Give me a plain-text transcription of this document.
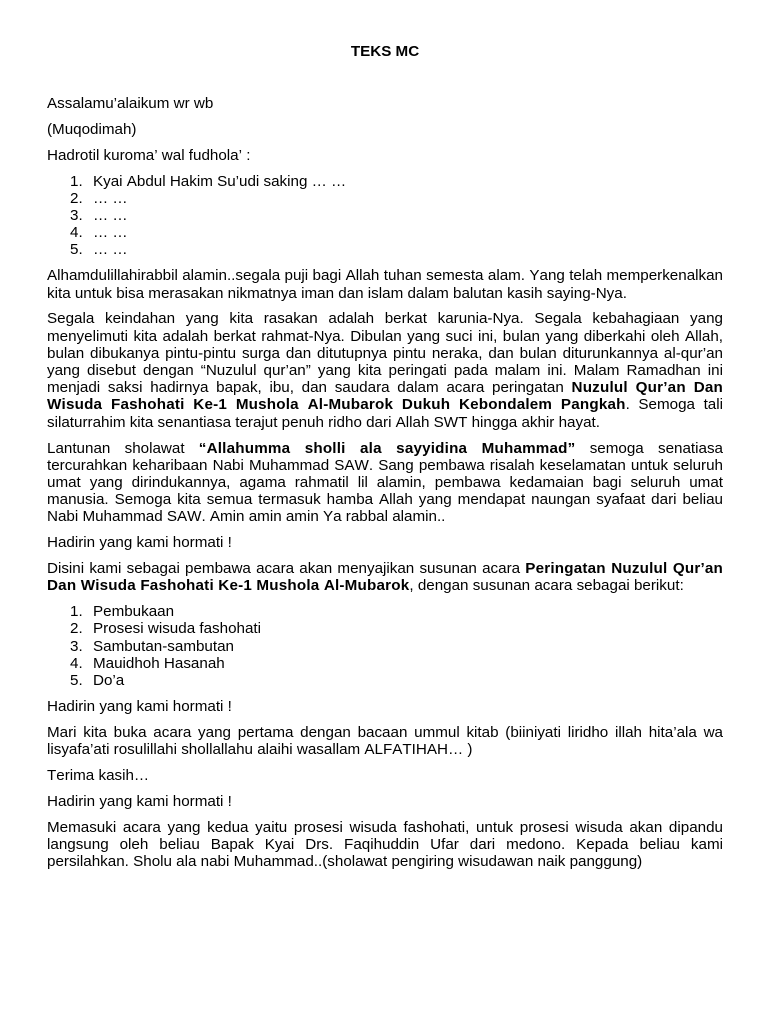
TEKS MC
Assalamu’alaikum wr wb
(Muqodimah)
Hadrotil kuroma’ wal fudhola’ :
1. Kyai Abdul Hakim Su’udi saking … …
2. … …
3. … …
4. … …
5. … …
Alhamdulillahirabbil alamin..segala puji bagi Allah tuhan semesta alam. Yang telah memperkenalkan kita untuk bisa merasakan nikmatnya iman dan islam dalam balutan kasih saying-Nya.
Segala keindahan yang kita rasakan adalah berkat karunia-Nya. Segala kebahagiaan yang menyelimuti kita adalah berkat rahmat-Nya. Dibulan yang suci ini, bulan yang diberkahi oleh Allah, bulan dibukanya pintu-pintu surga dan ditutupnya pintu neraka, dan bulan diturunkannya al-qur’an yang disebut dengan “Nuzulul qur’an” yang kita peringati pada malam ini. Malam Ramadhan ini menjadi saksi hadirnya bapak, ibu, dan saudara dalam acara peringatan Nuzulul Qur’an Dan Wisuda Fashohati Ke-1 Mushola Al-Mubarok Dukuh Kebondalem Pangkah. Semoga tali silaturrahim kita senantiasa terajut penuh ridho dari Allah SWT hingga akhir hayat.
Lantunan sholawat “Allahumma sholli ala sayyidina Muhammad” semoga senatiasa tercurahkan keharibaan Nabi Muhammad SAW. Sang pembawa risalah keselamatan untuk seluruh umat yang dirindukannya, agama rahmatil lil alamin, pembawa kedamaian bagi seluruh umat manusia. Semoga kita semua termasuk hamba Allah yang mendapat naungan syafaat dari beliau Nabi Muhammad SAW. Amin amin amin Ya rabbal alamin..
Hadirin yang kami hormati !
Disini kami sebagai pembawa acara akan menyajikan susunan acara Peringatan Nuzulul Qur’an Dan Wisuda Fashohati Ke-1 Mushola Al-Mubarok, dengan susunan acara sebagai berikut:
1. Pembukaan
2. Prosesi wisuda fashohati
3. Sambutan-sambutan
4. Mauidhoh Hasanah
5. Do’a
Hadirin yang kami hormati !
Mari kita buka acara yang pertama dengan bacaan ummul kitab (biiniyati liridho illah hita’ala wa lisyafa’ati rosulillahi shollallahu alaihi wasallam ALFATIHAH… )
Terima kasih…
Hadirin yang kami hormati !
Memasuki acara yang kedua yaitu prosesi wisuda fashohati, untuk prosesi wisuda akan dipandu langsung oleh beliau Bapak Kyai Drs. Faqihuddin Ufar dari medono. Kepada beliau kami persilahkan. Sholu ala nabi Muhammad..(sholawat pengiring wisudawan naik panggung)
